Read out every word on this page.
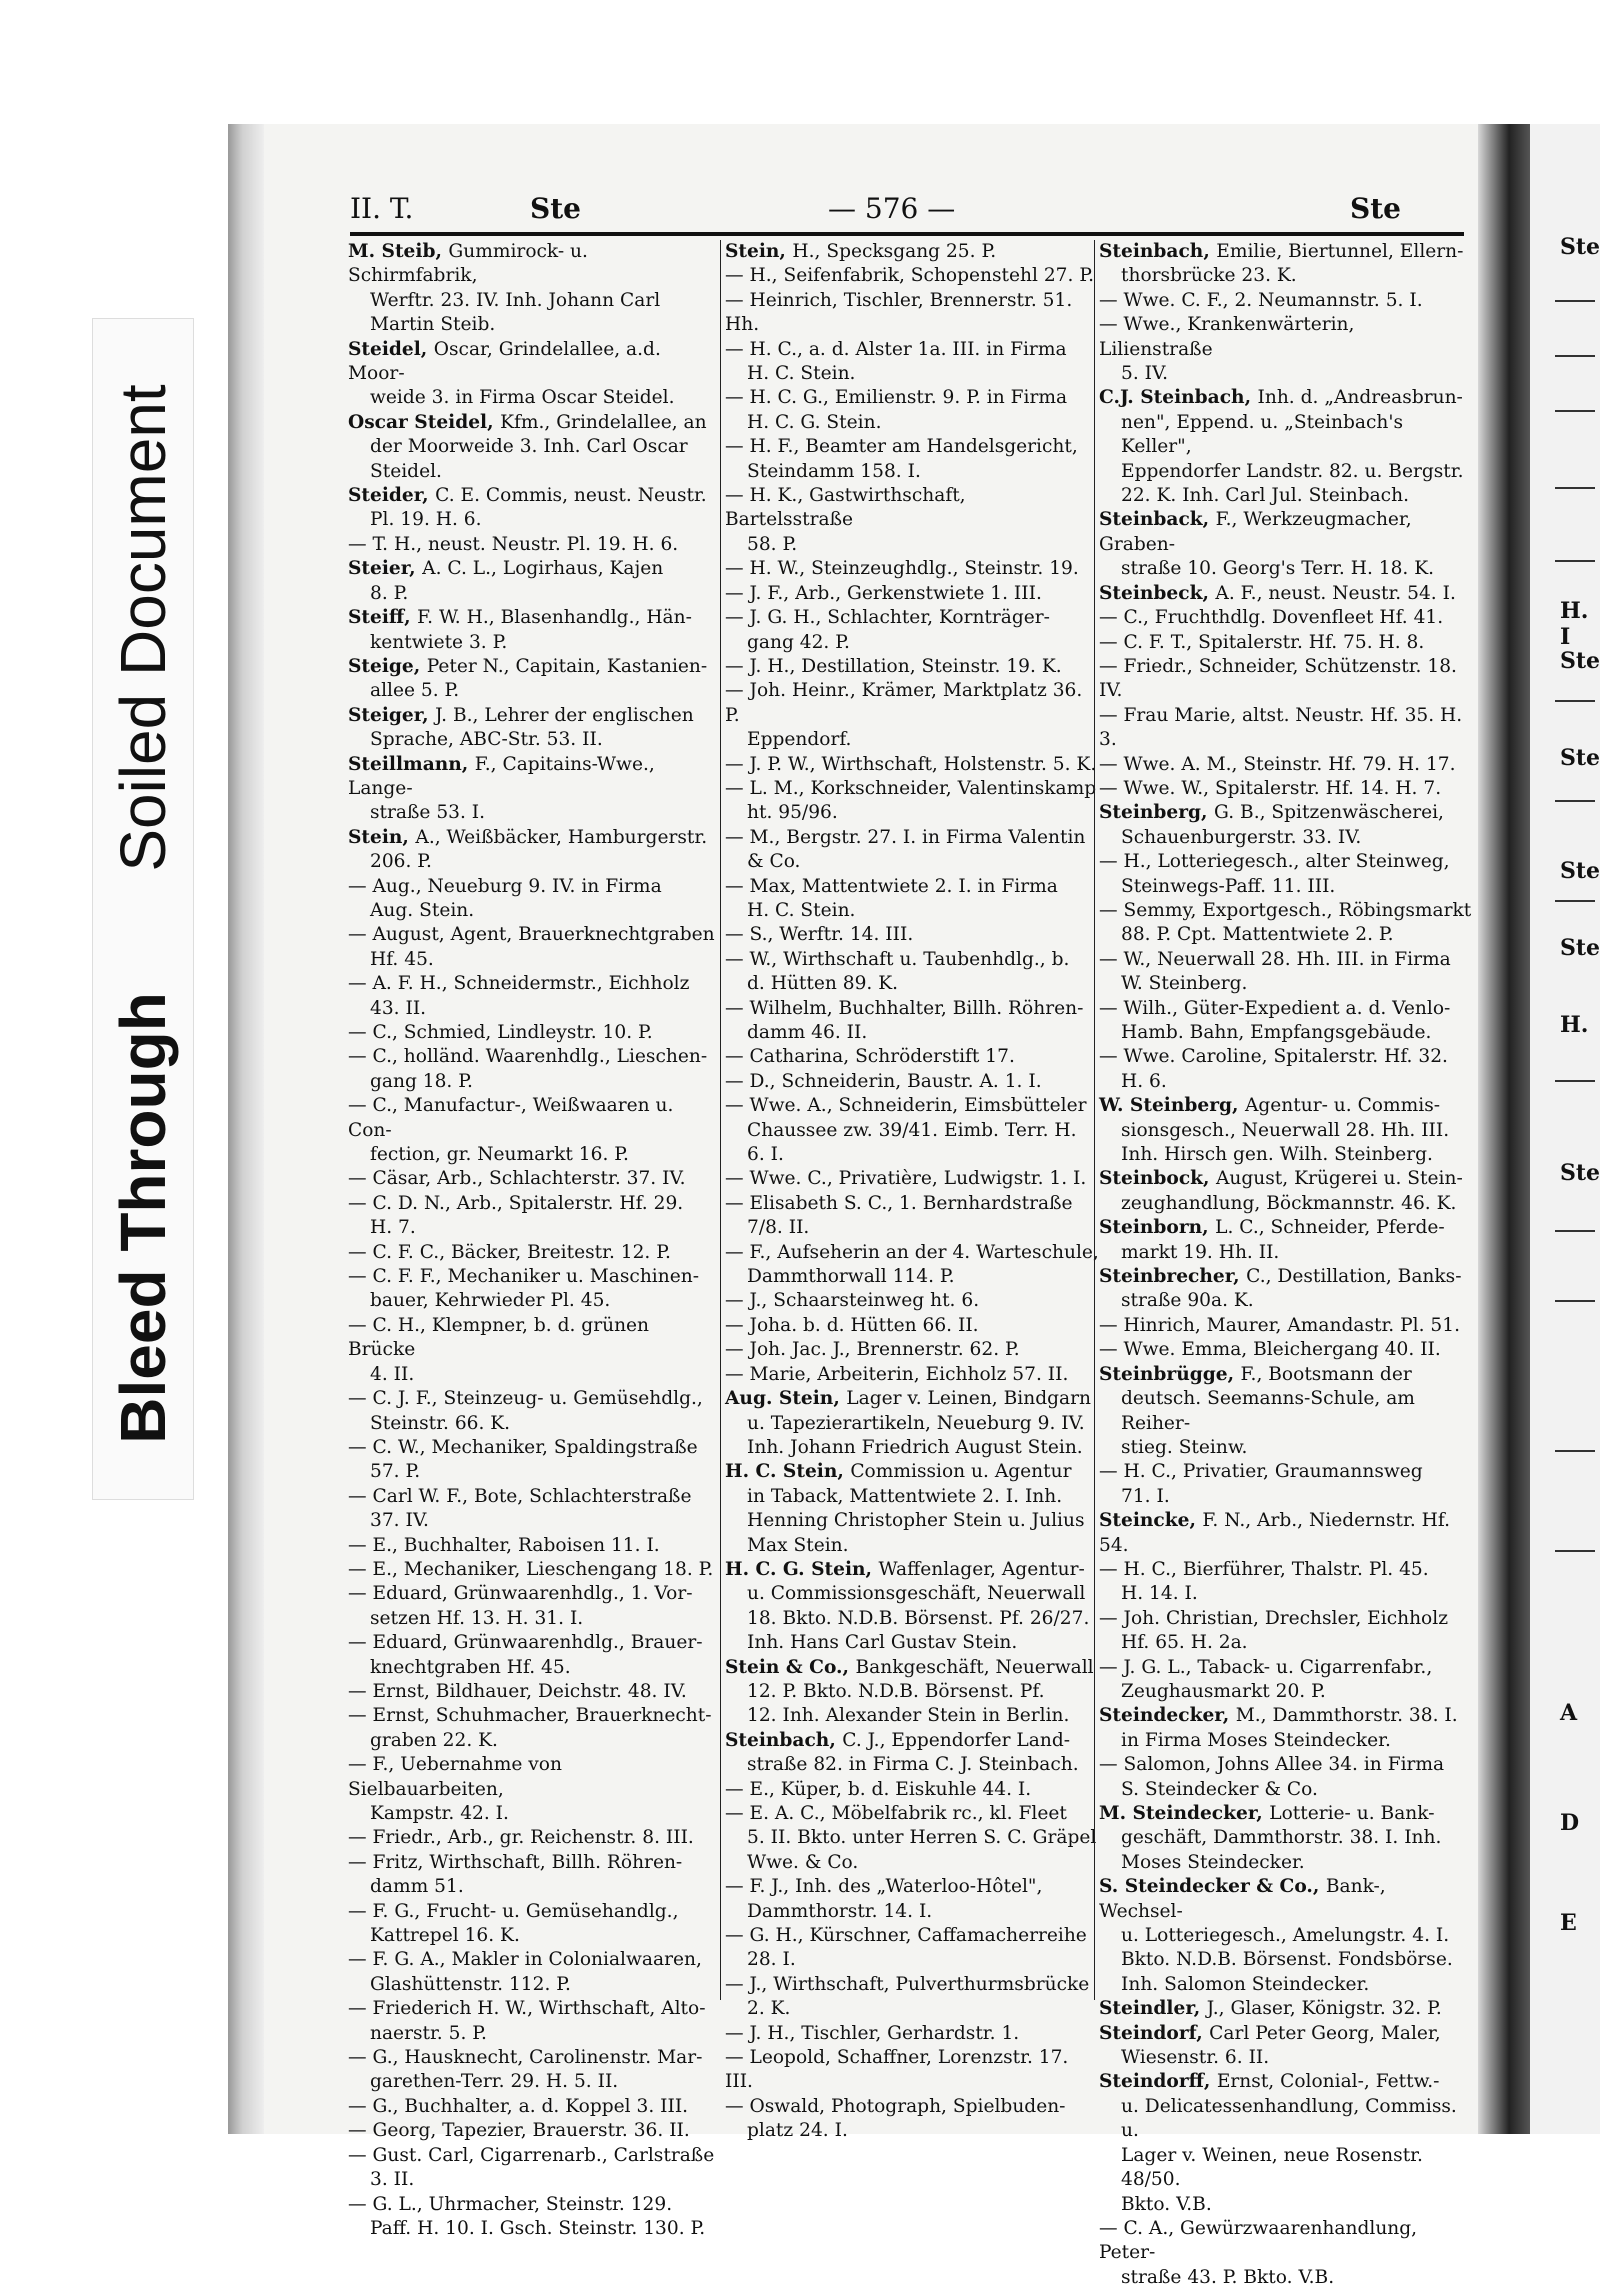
Bleed Through
Soiled Document
Ste
H. I
Ste
Ste
Ste
Ste
H.
Ste
A
D
E
II. T.	Ste	— 576 —	Ste
M. Steib, Gummirock- u. Schirmfabrik,
Werftr. 23. IV. Inh. Johann Carl
Martin Steib.
Steidel, Oscar, Grindelallee, a.d. Moor-
weide 3. in Firma Oscar Steidel.
Oscar Steidel, Kfm., Grindelallee, an
der Moorweide 3. Inh. Carl Oscar
Steidel.
Steider, C. E. Commis, neust. Neustr.
Pl. 19. H. 6.
— T. H., neust. Neustr. Pl. 19. H. 6.
Steier, A. C. L., Logirhaus, Kajen
8. P.
Steiff, F. W. H., Blasenhandlg., Hän-
kentwiete 3. P.
Steige, Peter N., Capitain, Kastanien-
allee 5. P.
Steiger, J. B., Lehrer der englischen
Sprache, ABC-Str. 53. II.
Steillmann, F., Capitains-Wwe., Lange-
straße 53. I.
Stein, A., Weißbäcker, Hamburgerstr.
206. P.
— Aug., Neueburg 9. IV. in Firma
Aug. Stein.
— August, Agent, Brauerknechtgraben
Hf. 45.
— A. F. H., Schneidermstr., Eichholz
43. II.
— C., Schmied, Lindleystr. 10. P.
— C., holländ. Waarenhdlg., Lieschen-
gang 18. P.
— C., Manufactur-, Weißwaaren u. Con-
fection, gr. Neumarkt 16. P.
— Cäsar, Arb., Schlachterstr. 37. IV.
— C. D. N., Arb., Spitalerstr. Hf. 29.
H. 7.
— C. F. C., Bäcker, Breitestr. 12. P.
— C. F. F., Mechaniker u. Maschinen-
bauer, Kehrwieder Pl. 45.
— C. H., Klempner, b. d. grünen Brücke
4. II.
— C. J. F., Steinzeug- u. Gemüsehdlg.,
Steinstr. 66. K.
— C. W., Mechaniker, Spaldingstraße
57. P.
— Carl W. F., Bote, Schlachterstraße
37. IV.
— E., Buchhalter, Raboisen 11. I.
— E., Mechaniker, Lieschengang 18. P.
— Eduard, Grünwaarenhdlg., 1. Vor-
setzen Hf. 13. H. 31. I.
— Eduard, Grünwaarenhdlg., Brauer-
knechtgraben Hf. 45.
— Ernst, Bildhauer, Deichstr. 48. IV.
— Ernst, Schuhmacher, Brauerknecht-
graben 22. K.
— F., Uebernahme von Sielbauarbeiten,
Kampstr. 42. I.
— Friedr., Arb., gr. Reichenstr. 8. III.
— Fritz, Wirthschaft, Billh. Röhren-
damm 51.
— F. G., Frucht- u. Gemüsehandlg.,
Kattrepel 16. K.
— F. G. A., Makler in Colonialwaaren,
Glashüttenstr. 112. P.
— Friederich H. W., Wirthschaft, Alto-
naerstr. 5. P.
— G., Hausknecht, Carolinenstr. Mar-
garethen-Terr. 29. H. 5. II.
— G., Buchhalter, a. d. Koppel 3. III.
— Georg, Tapezier, Brauerstr. 36. II.
— Gust. Carl, Cigarrenarb., Carlstraße
3. II.
— G. L., Uhrmacher, Steinstr. 129.
Paff. H. 10. I. Gsch. Steinstr. 130. P.
Stein, H., Specksgang 25. P.
— H., Seifenfabrik, Schopenstehl 27. P.
— Heinrich, Tischler, Brennerstr. 51. Hh.
— H. C., a. d. Alster 1a. III. in Firma
H. C. Stein.
— H. C. G., Emilienstr. 9. P. in Firma
H. C. G. Stein.
— H. F., Beamter am Handelsgericht,
Steindamm 158. I.
— H. K., Gastwirthschaft, Bartelsstraße
58. P.
— H. W., Steinzeughdlg., Steinstr. 19.
— J. F., Arb., Gerkenstwiete 1. III.
— J. G. H., Schlachter, Kornträger-
gang 42. P.
— J. H., Destillation, Steinstr. 19. K.
— Joh. Heinr., Krämer, Marktplatz 36. P.
Eppendorf.
— J. P. W., Wirthschaft, Holstenstr. 5. K.
— L. M., Korkschneider, Valentinskamp
ht. 95/96.
— M., Bergstr. 27. I. in Firma Valentin
& Co.
— Max, Mattentwiete 2. I. in Firma
H. C. Stein.
— S., Werftr. 14. III.
— W., Wirthschaft u. Taubenhdlg., b.
d. Hütten 89. K.
— Wilhelm, Buchhalter, Billh. Röhren-
damm 46. II.
— Catharina, Schröderstift 17.
— D., Schneiderin, Baustr. A. 1. I.
— Wwe. A., Schneiderin, Eimsbütteler
Chaussee zw. 39/41. Eimb. Terr. H.
6. I.
— Wwe. C., Privatière, Ludwigstr. 1. I.
— Elisabeth S. C., 1. Bernhardstraße
7/8. II.
— F., Aufseherin an der 4. Warteschule,
Dammthorwall 114. P.
— J., Schaarsteinweg ht. 6.
— Joha. b. d. Hütten 66. II.
— Joh. Jac. J., Brennerstr. 62. P.
— Marie, Arbeiterin, Eichholz 57. II.
Aug. Stein, Lager v. Leinen, Bindgarn
u. Tapezierartikeln, Neueburg 9. IV.
Inh. Johann Friedrich August Stein.
H. C. Stein, Commission u. Agentur
in Taback, Mattentwiete 2. I. Inh.
Henning Christopher Stein u. Julius
Max Stein.
H. C. G. Stein, Waffenlager, Agentur-
u. Commissionsgeschäft, Neuerwall
18. Bkto. N.D.B. Börsenst. Pf. 26/27.
Inh. Hans Carl Gustav Stein.
Stein & Co., Bankgeschäft, Neuerwall
12. P. Bkto. N.D.B. Börsenst. Pf.
12. Inh. Alexander Stein in Berlin.
Steinbach, C. J., Eppendorfer Land-
straße 82. in Firma C. J. Steinbach.
— E., Küper, b. d. Eiskuhle 44. I.
— E. A. C., Möbelfabrik rc., kl. Fleet
5. II. Bkto. unter Herren S. C. Gräpel
Wwe. & Co.
— F. J., Inh. des „Waterloo-Hôtel",
Dammthorstr. 14. I.
— G. H., Kürschner, Caffamacherreihe
28. I.
— J., Wirthschaft, Pulverthurmsbrücke
2. K.
— J. H., Tischler, Gerhardstr. 1.
— Leopold, Schaffner, Lorenzstr. 17. III.
— Oswald, Photograph, Spielbuden-
platz 24. I.
Steinbach, Emilie, Biertunnel, Ellern-
thorsbrücke 23. K.
— Wwe. C. F., 2. Neumannstr. 5. I.
— Wwe., Krankenwärterin, Lilienstraße
5. IV.
C.J. Steinbach, Inh. d. „Andreasbrun-
nen", Eppend. u. „Steinbach's Keller",
Eppendorfer Landstr. 82. u. Bergstr.
22. K. Inh. Carl Jul. Steinbach.
Steinback, F., Werkzeugmacher, Graben-
straße 10. Georg's Terr. H. 18. K.
Steinbeck, A. F., neust. Neustr. 54. I.
— C., Fruchthdlg. Dovenfleet Hf. 41.
— C. F. T., Spitalerstr. Hf. 75. H. 8.
— Friedr., Schneider, Schützenstr. 18. IV.
— Frau Marie, altst. Neustr. Hf. 35. H. 3.
— Wwe. A. M., Steinstr. Hf. 79. H. 17.
— Wwe. W., Spitalerstr. Hf. 14. H. 7.
Steinberg, G. B., Spitzenwäscherei,
Schauenburgerstr. 33. IV.
— H., Lotteriegesch., alter Steinweg,
Steinwegs-Paff. 11. III.
— Semmy, Exportgesch., Röbingsmarkt
88. P. Cpt. Mattentwiete 2. P.
— W., Neuerwall 28. Hh. III. in Firma
W. Steinberg.
— Wilh., Güter-Expedient a. d. Venlo-
Hamb. Bahn, Empfangsgebäude.
— Wwe. Caroline, Spitalerstr. Hf. 32.
H. 6.
W. Steinberg, Agentur- u. Commis-
sionsgesch., Neuerwall 28. Hh. III.
Inh. Hirsch gen. Wilh. Steinberg.
Steinbock, August, Krügerei u. Stein-
zeughandlung, Böckmannstr. 46. K.
Steinborn, L. C., Schneider, Pferde-
markt 19. Hh. II.
Steinbrecher, C., Destillation, Banks-
straße 90a. K.
— Hinrich, Maurer, Amandastr. Pl. 51.
— Wwe. Emma, Bleichergang 40. II.
Steinbrügge, F., Bootsmann der
deutsch. Seemanns-Schule, am Reiher-
stieg. Steinw.
— H. C., Privatier, Graumannsweg
71. I.
Steincke, F. N., Arb., Niedernstr. Hf. 54.
— H. C., Bierführer, Thalstr. Pl. 45.
H. 14. I.
— Joh. Christian, Drechsler, Eichholz
Hf. 65. H. 2a.
— J. G. L., Taback- u. Cigarrenfabr.,
Zeughausmarkt 20. P.
Steindecker, M., Dammthorstr. 38. I.
in Firma Moses Steindecker.
— Salomon, Johns Allee 34. in Firma
S. Steindecker & Co.
M. Steindecker, Lotterie- u. Bank-
geschäft, Dammthorstr. 38. I. Inh.
Moses Steindecker.
S. Steindecker & Co., Bank-, Wechsel-
u. Lotteriegesch., Amelungstr. 4. I.
Bkto. N.D.B. Börsenst. Fondsbörse.
Inh. Salomon Steindecker.
Steindler, J., Glaser, Königstr. 32. P.
Steindorf, Carl Peter Georg, Maler,
Wiesenstr. 6. II.
Steindorff, Ernst, Colonial-, Fettw.-
u. Delicatessenhandlung, Commiss. u.
Lager v. Weinen, neue Rosenstr. 48/50.
Bkto. V.B.
— C. A., Gewürzwaarenhandlung, Peter-
straße 43. P. Bkto. V.B.
